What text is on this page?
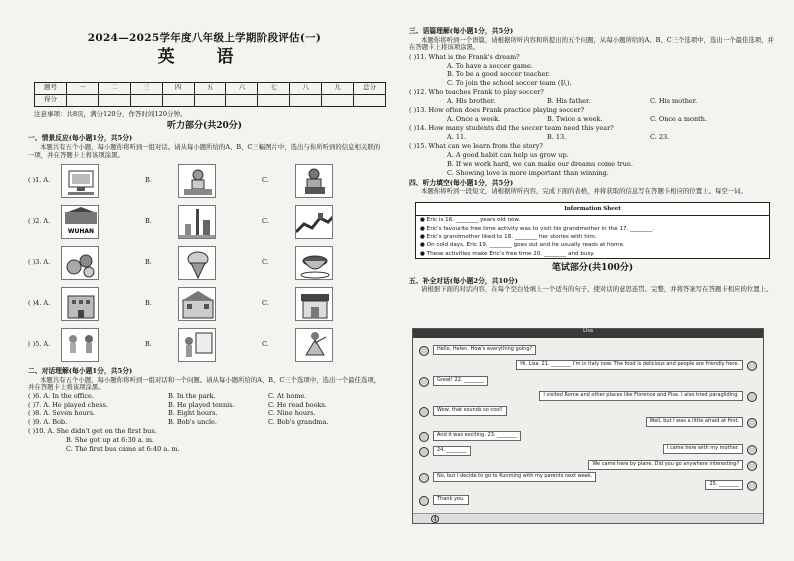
2024—2025学年度八年级上学期阶段评估(一)
英 语
题号	一	二	三	四	五	六	七	八	九	总分
得分										
注意事项：共8页，满分120分，作答时间120分钟。
听力部分(共20分)
一、情景反应(每小题1分，共5分)
本题共有五个小题，每小题你将听到一组对话。请从每小题所给的A、B、C三幅图片中，选出与你所听到的信息相关联的一项，并在答题卡上将该项涂黑。
( )1. A.	B.	C.
( )2. A.
WUHAN
B.	C.
( )3. A.	B.	C.
( )4. A.	B.	C.
( )5. A.	B.	C.
二、对话理解(每小题1分，共5分)
本题共有五个小题，每小题你将听到一组对话和一个问题。请从每小题所给的A、B、C三个选项中，选出一个最佳选项，并在答题卡上将该项涂黑。
( )6. A. In the office.	B. In the park.	C. At home.
( )7. A. He played chess.	B. He played tennis.	C. He read books.
( )8. A. Seven hours.	B. Eight hours.	C. Nine hours.
( )9. A. Bob.	B. Bob's uncle.	C. Bob's grandma.
( )10. A. She didn't get on the first bus.
B. She got up at 6:30 a. m.
C. The first bus came at 6:40 a. m.
三、语篇理解(每小题1分，共5分)
本题你将听到一个语篇，请根据所听内容和所提出的五个问题，从每小题所给的A、B、C三个选项中，选出一个最佳选项，并在答题卡上将该项涂黑。
( )11. What is the Frank's dream?
A. To have a soccer game.
B. To be a good soccer teacher.
C. To join the school soccer team (队).
( )12. Who teaches Frank to play soccer?
A. His brother.	B. His father.	C. His mother.
( )13. How often does Frank practice playing soccer?
A. Once a week.	B. Twice a week.	C. Once a month.
( )14. How many students did the soccer team need this year?
A. 11.	B. 13.	C. 23.
( )15. What can we learn from the story?
A. A good habit can help us grow up.
B. If we work hard, we can make our dreams come true.
C. Showing love is more important than winning.
四、听力填空(每小题1分，共5分)
本题你将听到一段短文，请根据所听内容，完成下面的表格，并将获取的信息写在答题卡相应的位置上。每空一词。
Information Sheet
● Eric is 16. ________ years old now.
● Eric's favourite free time activity was to visit his grandmother in the 17. ________.
● Eric's grandmother liked to 18. ________ her stories with him.
● On cold days, Eric 19. ________ goes out and he usually reads at home.
● These activities make Eric's free time 20. ________ and busy.
笔试部分(共100分)
五、补全对话(每小题2分，共10分)
请根据下面的对话内容，在每个空白处填上一个适当的句子，使对话的意思连贯、完整，并将答案写在答题卡相应的位置上。
Lisa
Hello, Helen. How's everything going?
Hi, Lisa. 21. ________ I'm in Italy now. The food is delicious and people are friendly here.
Great! 22. ________
I visited Rome and other places like Florence and Pisa. I also tried paragliding.
Wow, that sounds so cool!
Well, but I was a little afraid at first.
And it was exciting. 23. ________
I came here with my mother.
24. ________
We came here by plane. Did you go anywhere interesting?
No, but I decide to go to Kunming with my parents next week.
25. ________
Thank you.
4
